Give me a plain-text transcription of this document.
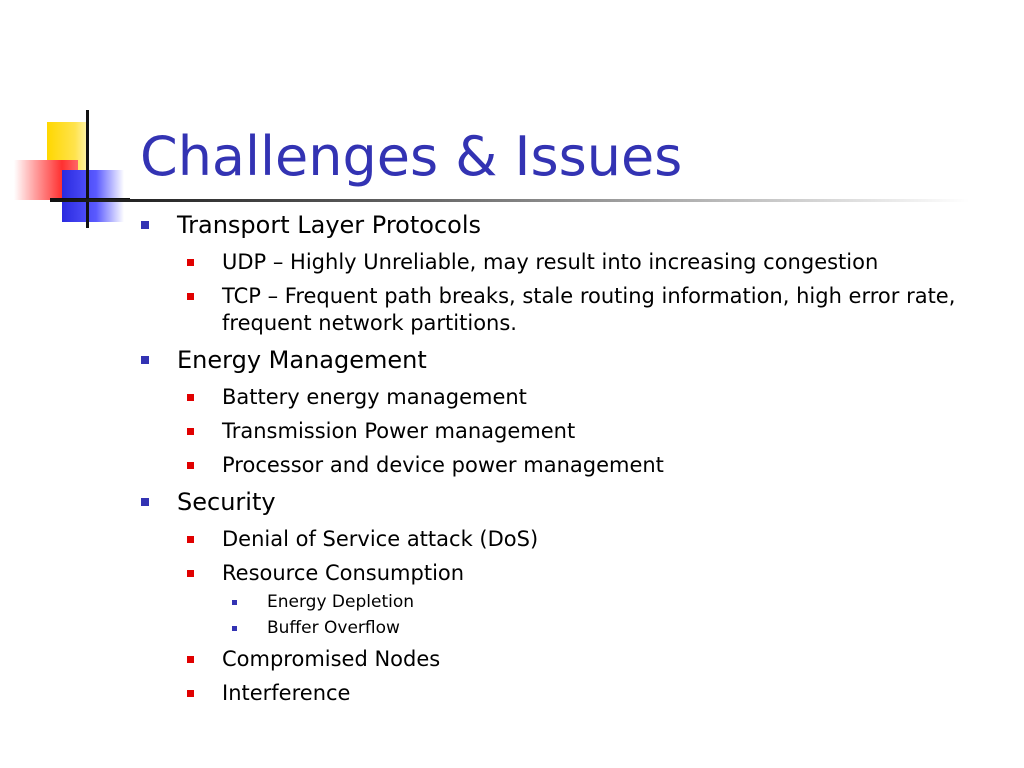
Challenges & Issues
Transport Layer Protocols
UDP – Highly Unreliable, may result into increasing congestion
TCP – Frequent path breaks, stale routing information, high error rate, frequent network partitions.
Energy Management
Battery energy management
Transmission Power management
Processor and device power management
Security
Denial of Service attack (DoS)
Resource Consumption
Energy Depletion
Buffer Overflow
Compromised Nodes
Interference
